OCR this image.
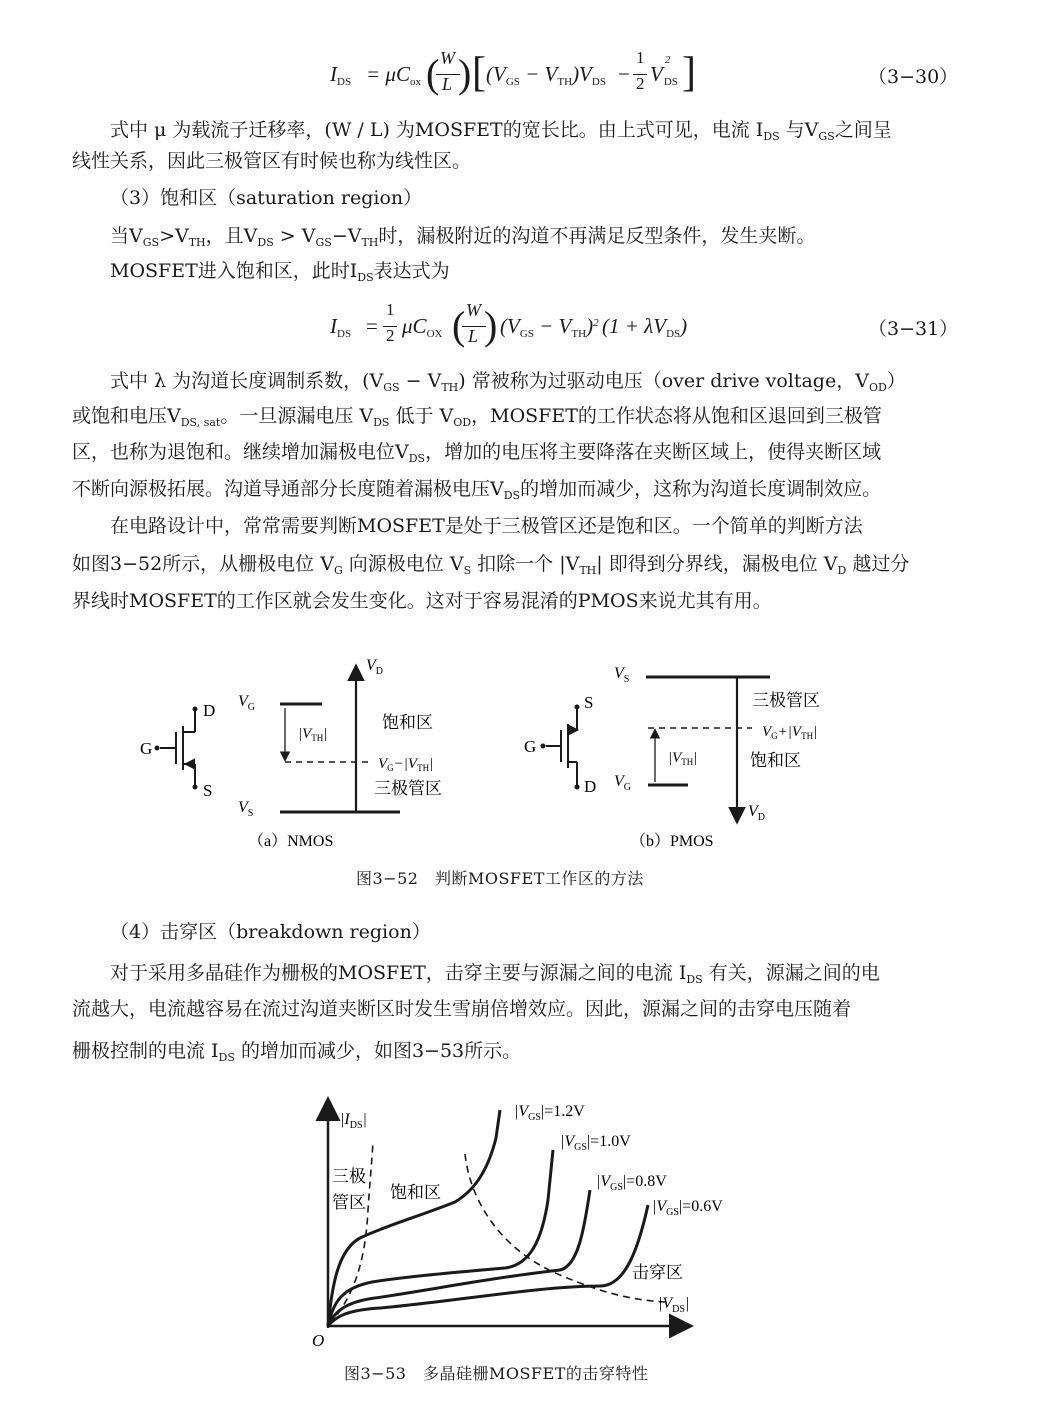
$I_{DS} = \mu C_{ox}$ ( W
L ) [ $(V_{GS} - V_{TH})V_{DS}$ −
1
2 V
2
$_{DS}$ ]	（3−30）

式中 μ 为载流子迁移率，(W / L) 为MOSFET的宽长比。由上式可见，电流 $I_{DS}$ 与$V_{GS}$之间呈

线性关系，因此三极管区有时候也称为线性区。

（3）饱和区（saturation region）

当$V_{GS}>V_{TH}$，且$V_{DS} > V_{GS}-V_{TH}$时，漏极附近的沟道不再满足反型条件，发生夹断。

MOSFET进入饱和区，此时$I_{DS}$表达式为

$I_{DS}$ =
1
2 $\mu C_{OX}$ ( W
L ) $(V_{GS} - V_{TH})^2$ $(1 + \lambda V_{DS})$	（3−31）

式中 λ 为沟道长度调制系数，$(V_{GS} - V_{TH})$ 常被称为过驱动电压（over drive voltage，$V_{OD}$）

或饱和电压$V_{DS, sat}$。一旦源漏电压 $V_{DS}$ 低于 $V_{OD}$，MOSFET的工作状态将从饱和区退回到三极管

区，也称为退饱和。继续增加漏极电位$V_{DS}$，增加的电压将主要降落在夹断区域上，使得夹断区域

不断向源极拓展。沟道导通部分长度随着漏极电压$V_{DS}$的增加而减少，这称为沟道长度调制效应。

在电路设计中，常常需要判断MOSFET是处于三极管区还是饱和区。一个简单的判断方法

如图3−52所示，从栅极电位 $V_G$ 向源极电位 $V_S$ 扣除一个 $|V_{TH}|$ 即得到分界线，漏极电位 $V_D$ 越过分

界线时MOSFET的工作区就会发生变化。这对于容易混淆的PMOS来说尤其有用。

D
G
S
$V_D$
$V_G$
$V_S$
$|V_{TH}|$
饱和区
$V_G-|V_{TH}|$
三极管区
（a）NMOS
S
G
D
$V_S$
三极管区
$V_G+|V_{TH}|$
$|V_{TH}|$	饱和区
$V_G$
$V_D$
（b）PMOS
图3−52　判断MOSFET工作区的方法

（4）击穿区（breakdown region）

对于采用多晶硅作为栅极的MOSFET，击穿主要与源漏之间的电流 $I_{DS}$ 有关，源漏之间的电

流越大，电流越容易在流过沟道夹断区时发生雪崩倍增效应。因此，源漏之间的击穿电压随着

栅极控制的电流 $I_{DS}$ 的增加而减少，如图3−53所示。

$|I_{DS}|$
$|V_{DS}|$
O
三极
管区
饱和区
击穿区
$|V_{GS}|=1.2V$
$|V_{GS}|=1.0V$
$|V_{GS}|=0.8V$
$|V_{GS}|=0.6V$
图3−53　多晶硅栅MOSFET的击穿特性
